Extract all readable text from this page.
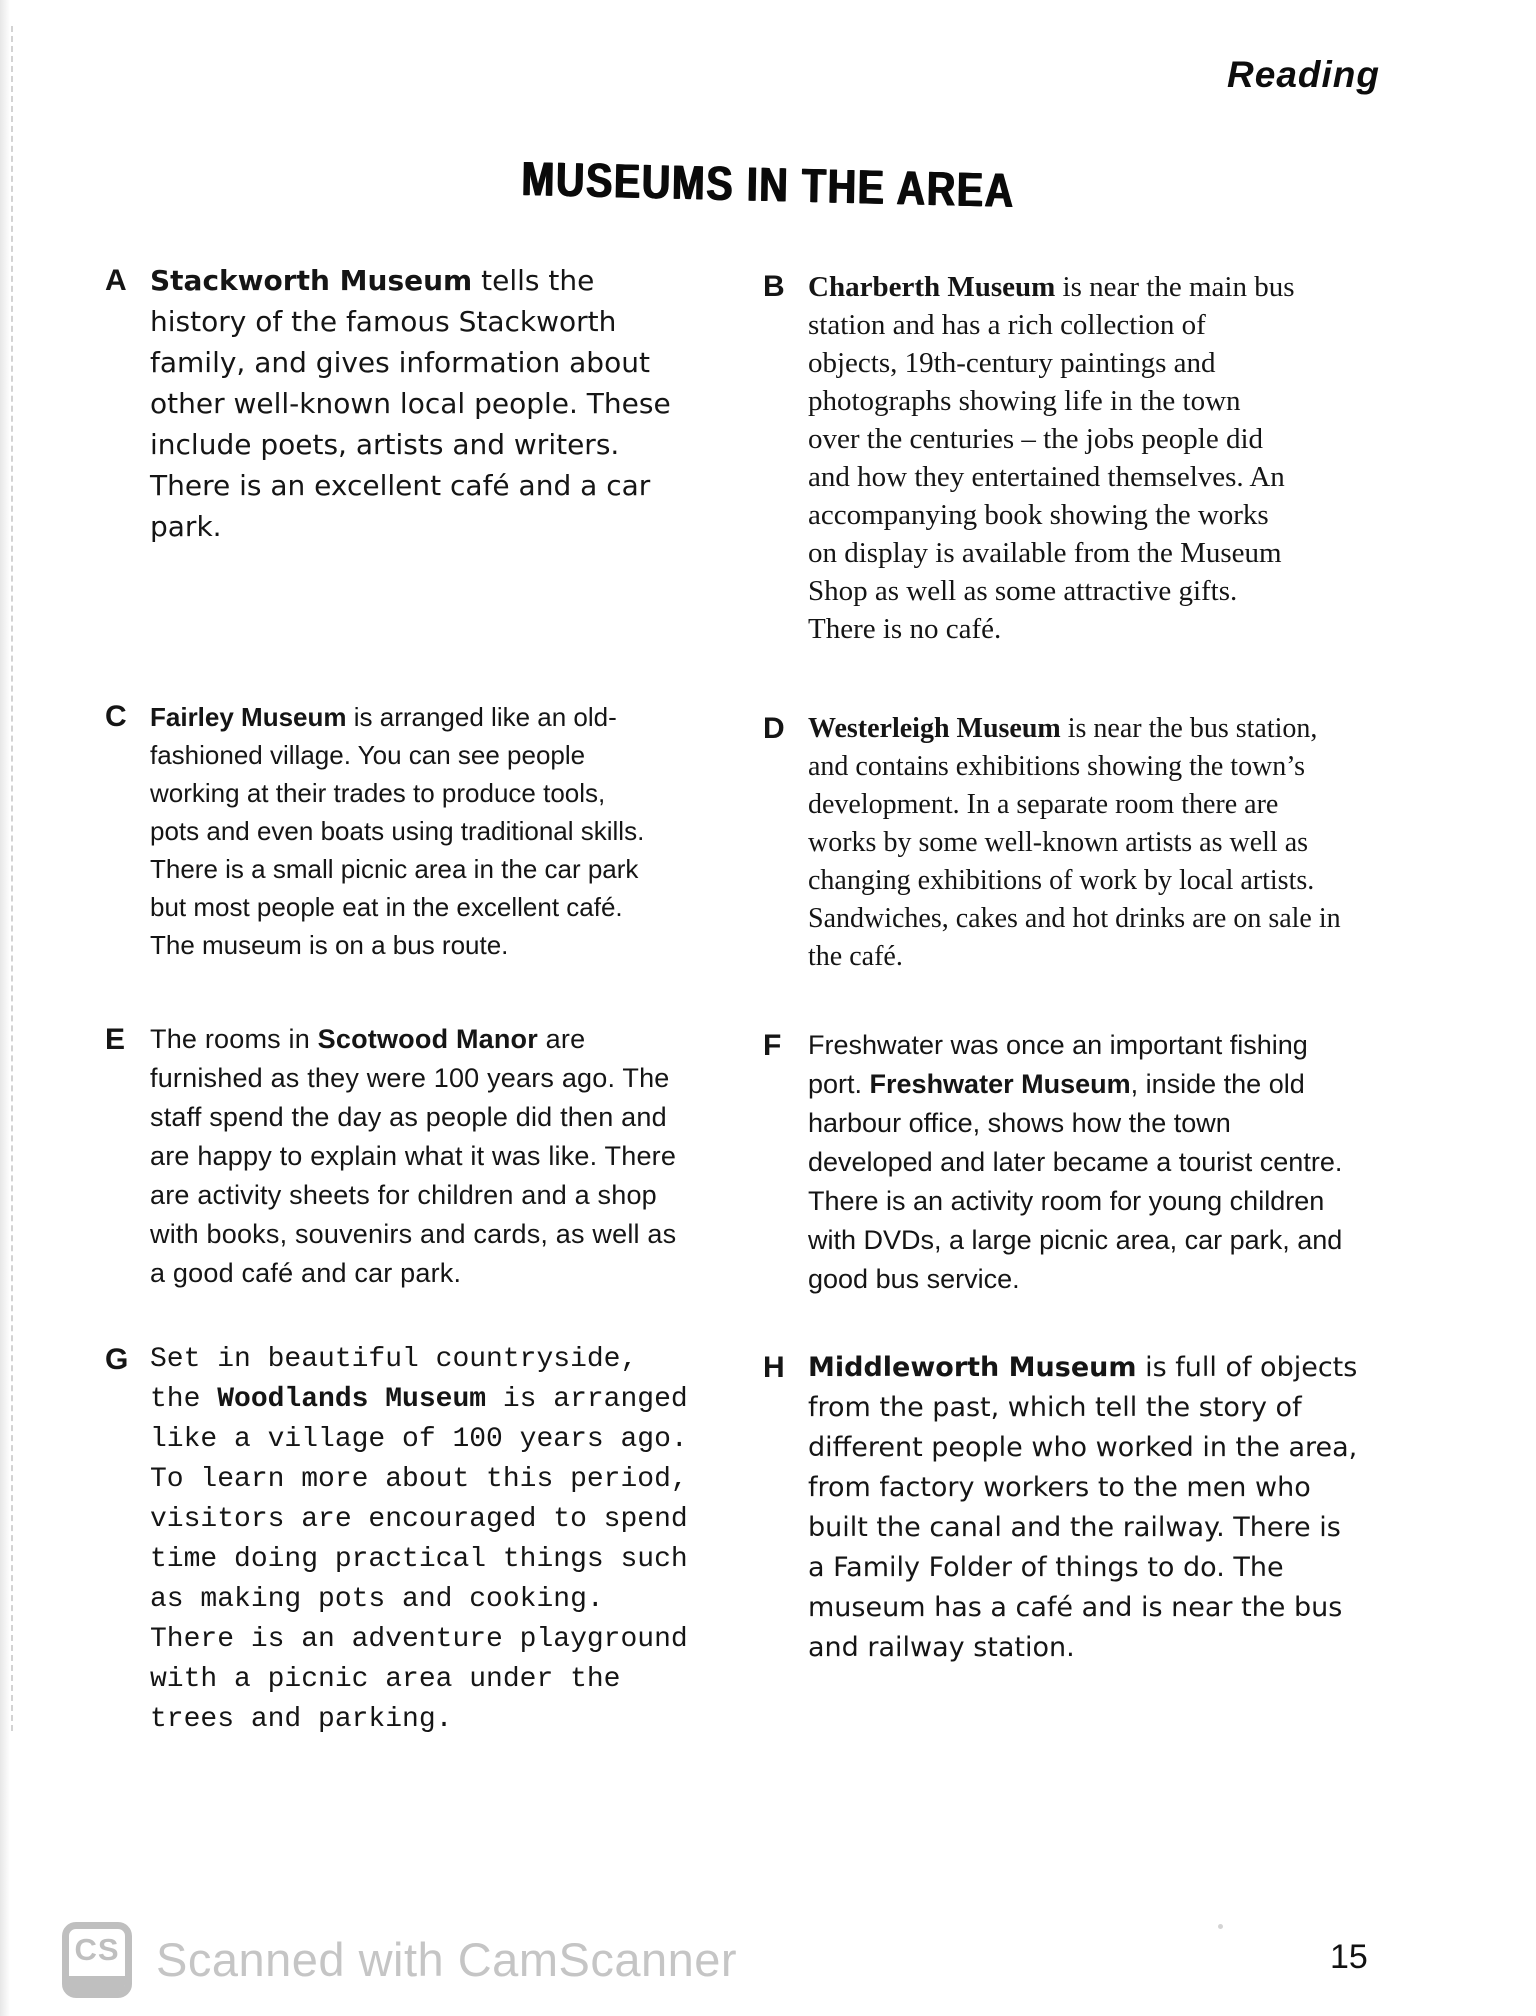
Reading
MUSEUMS IN THE AREA
A Stackworth Museum tells the
history of the famous Stackworth
family, and gives information about
other well-known local people. These
include poets, artists and writers.
There is an excellent café and a car
park.
B Charberth Museum is near the main bus
station and has a rich collection of
objects, 19th-century paintings and
photographs showing life in the town
over the centuries – the jobs people did
and how they entertained themselves. An
accompanying book showing the works
on display is available from the Museum
Shop as well as some attractive gifts.
There is no café.
C Fairley Museum is arranged like an old-
fashioned village. You can see people
working at their trades to produce tools,
pots and even boats using traditional skills.
There is a small picnic area in the car park
but most people eat in the excellent café.
The museum is on a bus route.
D Westerleigh Museum is near the bus station,
and contains exhibitions showing the town’s
development. In a separate room there are
works by some well-known artists as well as
changing exhibitions of work by local artists.
Sandwiches, cakes and hot drinks are on sale in
the café.
E The rooms in Scotwood Manor are
furnished as they were 100 years ago. The
staff spend the day as people did then and
are happy to explain what it was like. There
are activity sheets for children and a shop
with books, souvenirs and cards, as well as
a good café and car park.
F Freshwater was once an important fishing
port. Freshwater Museum, inside the old
harbour office, shows how the town
developed and later became a tourist centre.
There is an activity room for young children
with DVDs, a large picnic area, car park, and
good bus service.
G Set in beautiful countryside,
the Woodlands Museum is arranged
like a village of 100 years ago.
To learn more about this period,
visitors are encouraged to spend
time doing practical things such
as making pots and cooking.
There is an adventure playground
with a picnic area under the
trees and parking.
H Middleworth Museum is full of objects
from the past, which tell the story of
different people who worked in the area,
from factory workers to the men who
built the canal and the railway. There is
a Family Folder of things to do. The
museum has a café and is near the bus
and railway station.
CS Scanned with CamScanner	15
